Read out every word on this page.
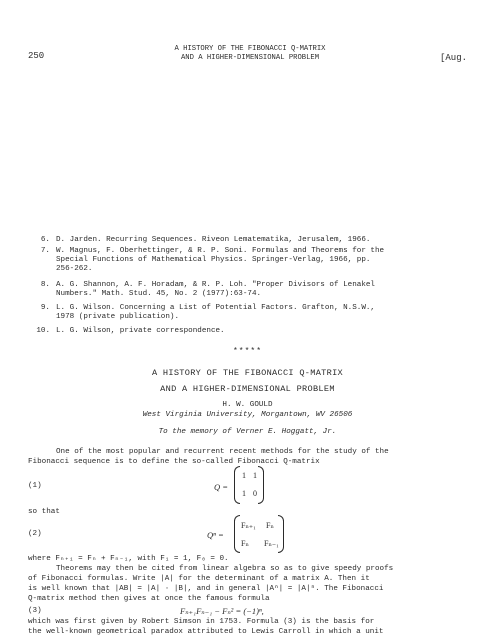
250
A HISTORY OF THE FIBONACCI Q-MATRIX
AND A HIGHER-DIMENSIONAL PROBLEM	[Aug.
6. D. Jarden. Recurring Sequences. Riveon Lematematika, Jerusalem, 1966.
7. W. Magnus, F. Oberhettinger, & R. P. Soni. Formulas and Theorems for the
Special Functions of Mathematical Physics. Springer-Verlag, 1966, pp.
256-262.
8. A. G. Shannon, A. F. Horadam, & R. P. Loh. "Proper Divisors of Lenakel
Numbers." Math. Stud. 45, No. 2 (1977):63-74.
9. L. G. Wilson. Concerning a List of Potential Factors. Grafton, N.S.W.,
1978 (private publication).
10. L. G. Wilson, private correspondence.
*****
A HISTORY OF THE FIBONACCI Q-MATRIX
AND A HIGHER-DIMENSIONAL PROBLEM
H. W. GOULD
West Virginia University, Morgantown, WV 26506
To the memory of Verner E. Hoggatt, Jr.
One of the most popular and recurrent recent methods for the study of the
Fibonacci sequence is to define the so-called Fibonacci Q-matrix
(1)	Q =
1 1
1 0
so that
(2)	Qⁿ =
Fₙ₊₁ Fₙ
Fₙ Fₙ₋₁
where Fₙ₊₁ = Fₙ + Fₙ₋₁, with F₁ = 1, F₀ = 0.
Theorems may then be cited from linear algebra so as to give speedy proofs
of Fibonacci formulas. Write |A| for the determinant of a matrix A. Then it
is well known that |AB| = |A| · |B|, and in general |Aⁿ| = |A|ⁿ. The Fibonacci
Q-matrix method then gives at once the famous formula
(3)	Fₙ₊₁Fₙ₋₁ − Fₙ² = (−1)ⁿ,
which was first given by Robert Simson in 1753. Formula (3) is the basis for
the well-known geometrical paradox attributed to Lewis Carroll in which a unit
